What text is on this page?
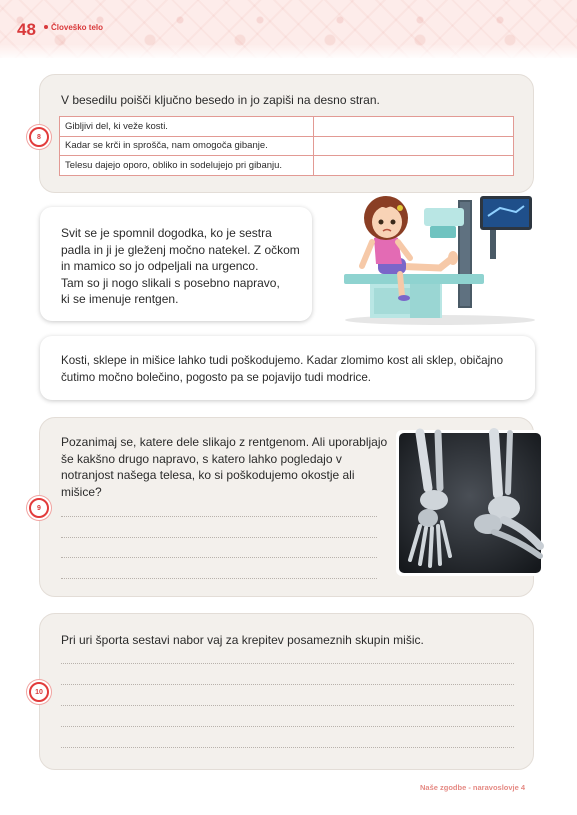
48 Človeško telo
V besedilu poišči ključno besedo in jo zapiši na desno stran.
8
Gibljivi del, ki veže kosti.	
Kadar se krči in sprošča, nam omogoča gibanje.	
Telesu dajejo oporo, obliko in sodelujejo pri gibanju.	
Svit se je spomnil dogodka, ko je sestra
padla in ji je gleženj močno natekel. Z očkom
in mamico so jo odpeljali na urgenco.
Tam so ji nogo slikali s posebno napravo,
ki se imenuje rentgen.
Kosti, sklepe in mišice lahko tudi poškodujemo. Kadar zlomimo kost ali sklep, običajno
čutimo močno bolečino, pogosto pa se pojavijo tudi modrice.
Pozanimaj se, katere dele slikajo z rentgenom. Ali uporabljajo
še kakšno drugo napravo, s katero lahko pogledajo v
notranjost našega telesa, ko si poškodujemo okostje ali
mišice?
9
Pri uri športa sestavi nabor vaj za krepitev posameznih skupin mišic.
10
Naše zgodbe - naravoslovje 4
